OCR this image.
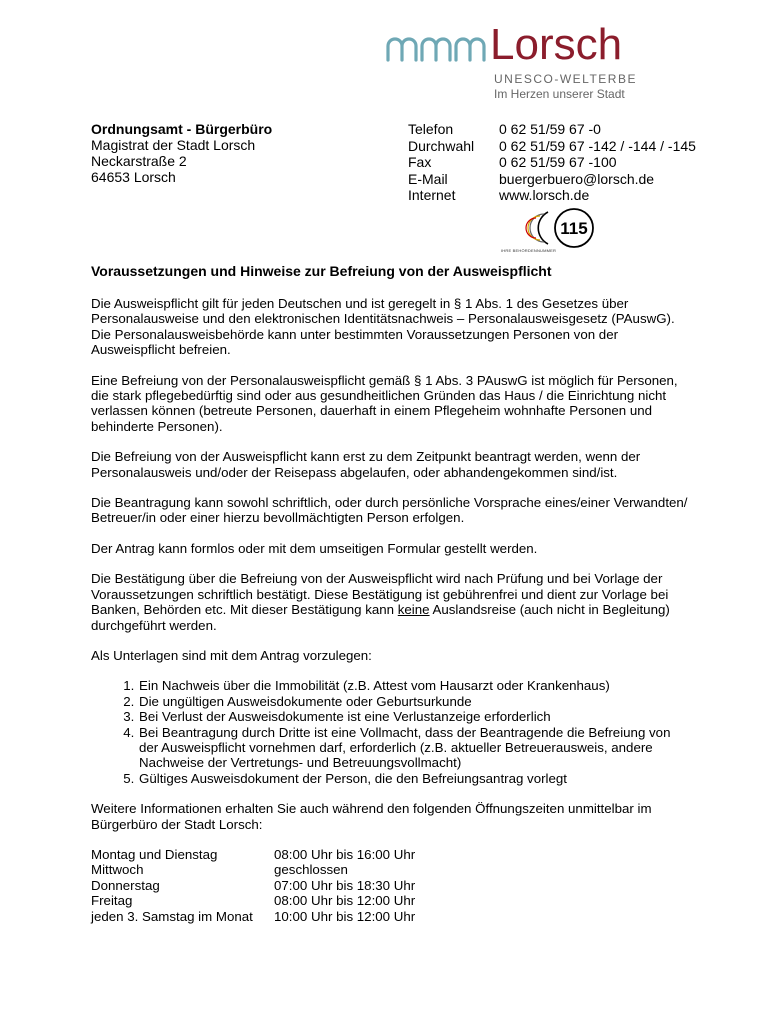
Lorsch
UNESCO-WELTERBE
Im Herzen unserer Stadt
Ordnungsamt - Bürgerbüro
Magistrat der Stadt Lorsch
Neckarstraße 2
64653 Lorsch
Telefon	0 62 51/59 67 -0
Durchwahl	0 62 51/59 67 -142 / -144 / -145
Fax	0 62 51/59 67 -100
E-Mail	buergerbuero@lorsch.de
Internet	www.lorsch.de
115
IHRE BEHÖRDENNUMMER
Voraussetzungen und Hinweise zur Befreiung von der Ausweispflicht

Die Ausweispflicht gilt für jeden Deutschen und ist geregelt in § 1 Abs. 1 des Gesetzes über Personalausweise und den elektronischen Identitätsnachweis – Personalausweisgesetz (PAuswG). Die Personalausweisbehörde kann unter bestimmten Voraussetzungen Personen von der Ausweispflicht befreien.

Eine Befreiung von der Personalausweispflicht gemäß § 1 Abs. 3 PAuswG ist möglich für Personen, die stark pflegebedürftig sind oder aus gesundheitlichen Gründen das Haus / die Einrichtung nicht verlassen können (betreute Personen, dauerhaft in einem Pflegeheim wohnhafte Personen und behinderte Personen).

Die Befreiung von der Ausweispflicht kann erst zu dem Zeitpunkt beantragt werden, wenn der Personalausweis und/oder der Reisepass abgelaufen, oder abhandengekommen sind/ist.

Die Beantragung kann sowohl schriftlich, oder durch persönliche Vorsprache eines/einer Verwandten/ Betreuer/in oder einer hierzu bevollmächtigten Person erfolgen.

Der Antrag kann formlos oder mit dem umseitigen Formular gestellt werden.

Die Bestätigung über die Befreiung von der Ausweispflicht wird nach Prüfung und bei Vorlage der Voraussetzungen schriftlich bestätigt. Diese Bestätigung ist gebührenfrei und dient zur Vorlage bei Banken, Behörden etc. Mit dieser Bestätigung kann keine Auslandsreise (auch nicht in Begleitung) durchgeführt werden.

Als Unterlagen sind mit dem Antrag vorzulegen:

1. Ein Nachweis über die Immobilität (z.B. Attest vom Hausarzt oder Krankenhaus)
2. Die ungültigen Ausweisdokumente oder Geburtsurkunde
3. Bei Verlust der Ausweisdokumente ist eine Verlustanzeige erforderlich
4. Bei Beantragung durch Dritte ist eine Vollmacht, dass der Beantragende die Befreiung von der Ausweispflicht vornehmen darf, erforderlich (z.B. aktueller Betreuerausweis, andere Nachweise der Vertretungs- und Betreuungsvollmacht)
5. Gültiges Ausweisdokument der Person, die den Befreiungsantrag vorlegt

Weitere Informationen erhalten Sie auch während den folgenden Öffnungszeiten unmittelbar im Bürgerbüro der Stadt Lorsch:

Montag und Dienstag	08:00 Uhr bis 16:00 Uhr
Mittwoch	geschlossen
Donnerstag	07:00 Uhr bis 18:30 Uhr
Freitag	08:00 Uhr bis 12:00 Uhr
jeden 3. Samstag im Monat	10:00 Uhr bis 12:00 Uhr
